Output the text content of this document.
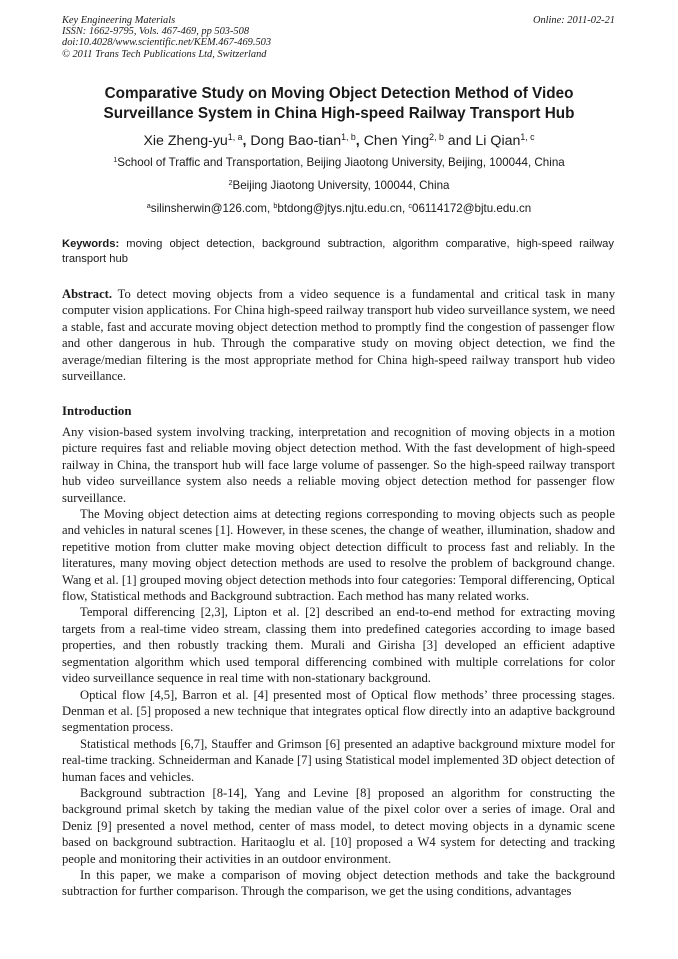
Key Engineering Materials
ISSN: 1662-9795, Vols. 467-469, pp 503-508
doi:10.4028/www.scientific.net/KEM.467-469.503
© 2011 Trans Tech Publications Ltd, Switzerland
Online: 2011-02-21
Comparative Study on Moving Object Detection Method of Video
Surveillance System in China High-speed Railway Transport Hub
Xie Zheng-yu$^{1, a}$, Dong Bao-tian$^{1, b}$, Chen Ying$^{2, b}$ and Li Qian$^{1, c}$
$^1$School of Traffic and Transportation, Beijing Jiaotong University, Beijing, 100044, China
$^2$Beijing Jiaotong University, 100044, China
$^a$silinsherwin@126.com, $^b$btdong@jtys.njtu.edu.cn, $^c$06114172@bjtu.edu.cn
Keywords: moving object detection, background subtraction, algorithm comparative, high-speed railway transport hub
Abstract. To detect moving objects from a video sequence is a fundamental and critical task in many computer vision applications. For China high-speed railway transport hub video surveillance system, we need a stable, fast and accurate moving object detection method to promptly find the congestion of passenger flow and other dangerous in hub. Through the comparative study on moving object detection, we find the average/median filtering is the most appropriate method for China high-speed railway transport hub video surveillance.
Introduction

Any vision-based system involving tracking, interpretation and recognition of moving objects in a motion picture requires fast and reliable moving object detection method. With the fast development of high-speed railway in China, the transport hub will face large volume of passenger. So the high-speed railway transport hub video surveillance system also needs a reliable moving object detection method for passenger flow surveillance.

The Moving object detection aims at detecting regions corresponding to moving objects such as people and vehicles in natural scenes [1]. However, in these scenes, the change of weather, illumination, shadow and repetitive motion from clutter make moving object detection difficult to process fast and reliably. In the literatures, many moving object detection methods are used to resolve the problem of background change. Wang et al. [1] grouped moving object detection methods into four categories: Temporal differencing, Optical flow, Statistical methods and Background subtraction. Each method has many related works.

Temporal differencing [2,3], Lipton et al. [2] described an end-to-end method for extracting moving targets from a real-time video stream, classing them into predefined categories according to image based properties, and then robustly tracking them. Murali and Girisha [3] developed an efficient adaptive segmentation algorithm which used temporal differencing combined with multiple correlations for color video surveillance sequence in real time with non-stationary background.

Optical flow [4,5], Barron et al. [4] presented most of Optical flow methods’ three processing stages. Denman et al. [5] proposed a new technique that integrates optical flow directly into an adaptive background segmentation process.

Statistical methods [6,7], Stauffer and Grimson [6] presented an adaptive background mixture model for real-time tracking. Schneiderman and Kanade [7] using Statistical model implemented 3D object detection of human faces and vehicles.

Background subtraction [8-14], Yang and Levine [8] proposed an algorithm for constructing the background primal sketch by taking the median value of the pixel color over a series of image. Oral and Deniz [9] presented a novel method, center of mass model, to detect moving objects in a dynamic scene based on background subtraction. Haritaoglu et al. [10] proposed a W4 system for detecting and tracking people and monitoring their activities in an outdoor environment.

In this paper, we make a comparison of moving object detection methods and take the background subtraction for further comparison. Through the comparison, we get the using conditions, advantages
